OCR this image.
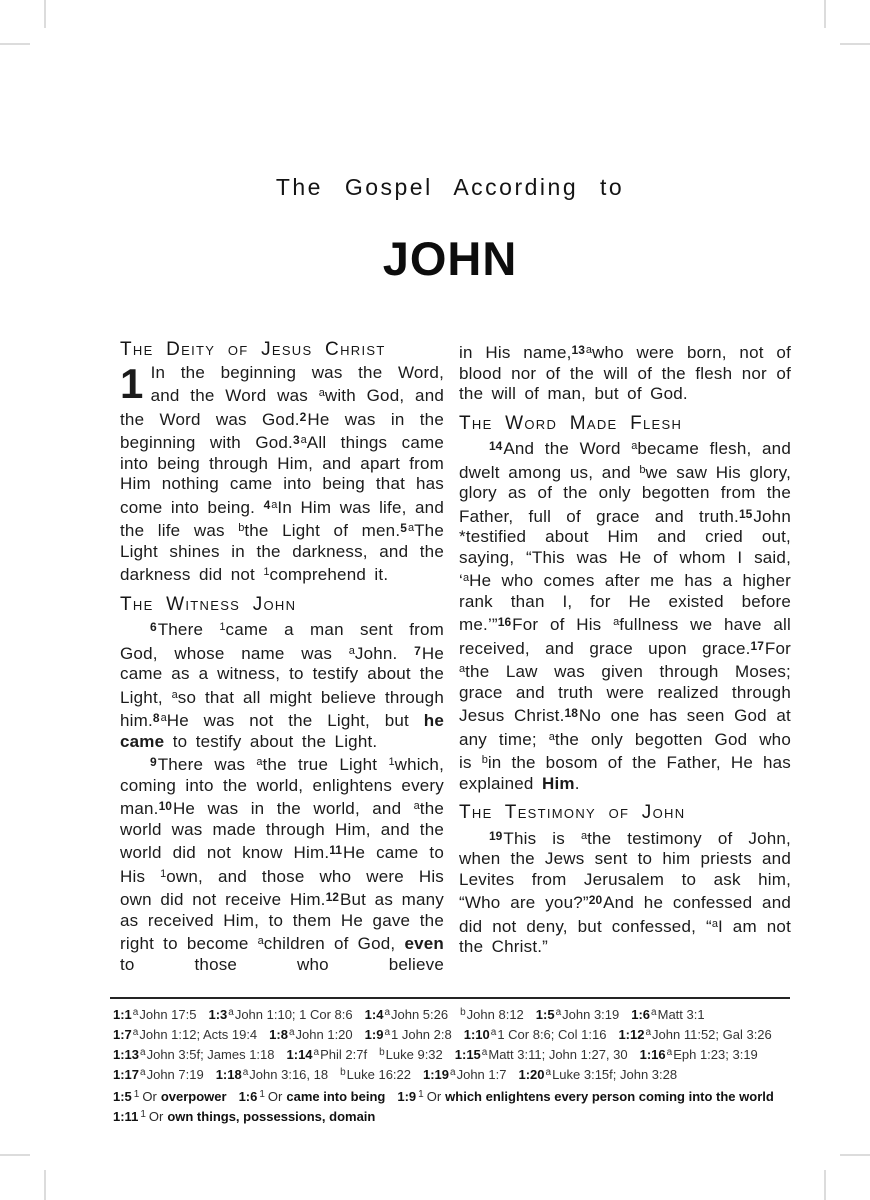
The Gospel According to
JOHN
The Deity of Jesus Christ

1 In the beginning was the Word, and the Word was $^a$with God, and the Word was God.$^2$He was in the beginning with God.$^{3a}$All things came into being through Him, and apart from Him nothing came into being that has come into being. $^{4a}$In Him was life, and the life was $^b$the Light of men.$^{5a}$The Light shines in the darkness, and the darkness did not $^1$comprehend it.

The Witness John

$^6$There $^1$came a man sent from God, whose name was $^a$John. $^7$He came as a witness, to testify about the Light, $^a$so that all might believe through him.$^{8a}$He was not the Light, but he came to testify about the Light.

$^9$There was $^a$the true Light $^1$which, coming into the world, enlightens every man.$^{10}$He was in the world, and $^a$the world was made through Him, and the world did not know Him.$^{11}$He came to His $^1$own, and those who were His own did not receive Him.$^{12}$But as many as received Him, to them He gave the right to become $^a$children of God, even to those who believe

in His name,$^{13a}$who were born, not of blood nor of the will of the flesh nor of the will of man, but of God.

The Word Made Flesh

$^{14}$And the Word $^a$became flesh, and dwelt among us, and $^b$we saw His glory, glory as of the only begotten from the Father, full of grace and truth.$^{15}$John *testified about Him and cried out, saying, “This was He of whom I said, ‘$^a$He who comes after me has a higher rank than I, for He existed before me.’”$^{16}$For of His $^a$fullness we have all received, and grace upon grace.$^{17}$For $^a$the Law was given through Moses; grace and truth were realized through Jesus Christ.$^{18}$No one has seen God at any time; $^a$the only begotten God who is $^b$in the bosom of the Father, He has explained Him.

The Testimony of John

$^{19}$This is $^a$the testimony of John, when the Jews sent to him priests and Levites from Jerusalem to ask him, “Who are you?”$^{20}$And he confessed and did not deny, but confessed, “$^a$I am not the Christ.”

1:1$^a$John 17:5 1:3$^a$John 1:10; 1 Cor 8:6 1:4$^a$John 5:26 $^b$John 8:12 1:5$^a$John 3:19 1:6$^a$Matt 3:1
1:7$^a$John 1:12; Acts 19:4 1:8$^a$John 1:20 1:9$^a$1 John 2:8 1:10$^a$1 Cor 8:6; Col 1:16 1:12$^a$John 11:52; Gal 3:26
1:13$^a$John 3:5f; James 1:18 1:14$^a$Phil 2:7f $^b$Luke 9:32 1:15$^a$Matt 3:11; John 1:27, 30 1:16$^a$Eph 1:23; 3:19
1:17$^a$John 7:19 1:18$^a$John 3:16, 18 $^b$Luke 16:22 1:19$^a$John 1:7 1:20$^a$Luke 3:15f; John 3:28
1:5 $^1$ Or overpower 1:6 $^1$ Or came into being 1:9 $^1$ Or which enlightens every person coming into the world
1:11 $^1$ Or own things, possessions, domain
